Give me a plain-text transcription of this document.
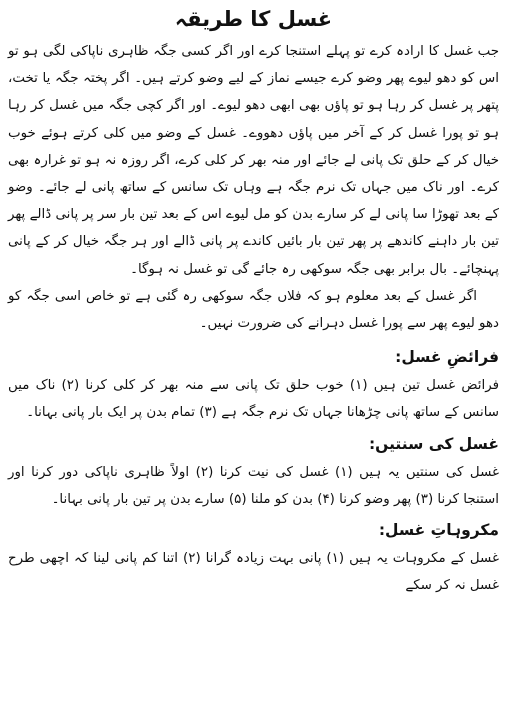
غسل کا طریقہ

جب غسل کا ارادہ کرے تو پہلے استنجا کرے اور اگر کسی جگہ ظاہری ناپاکی لگی ہو تو اس کو دھو لیوے پھر وضو کرے جیسے نماز کے لیے وضو کرتے ہیں۔ اگر پختہ جگہ یا تخت، پتھر پر غسل کر رہا ہو تو پاؤں بھی ابھی دھو لیوے۔ اور اگر کچی جگہ میں غسل کر رہا ہو تو پورا غسل کر کے آخر میں پاؤں دھووے۔ غسل کے وضو میں کلی کرتے ہوئے خوب خیال کر کے حلق تک پانی لے جائے اور منہ بھر کر کلی کرے، اگر روزہ نہ ہو تو غرارہ بھی کرے۔ اور ناک میں جہاں تک نرم جگہ ہے وہاں تک سانس کے ساتھ پانی لے جائے۔ وضو کے بعد تھوڑا سا پانی لے کر سارے بدن کو مل لیوے اس کے بعد تین بار سر پر پانی ڈالے پھر تین بار داہنے کاندھے پر پھر تین بار بائیں کاندے پر پانی ڈالے اور ہر جگہ خیال کر کے پانی پہنچائے۔ بال برابر بھی جگہ سوکھی رہ جائے گی تو غسل نہ ہوگا۔

اگر غسل کے بعد معلوم ہو کہ فلاں جگہ سوکھی رہ گئی ہے تو خاص اسی جگہ کو دھو لیوے پھر سے پورا غسل دہرانے کی ضرورت نہیں۔

فرائضِ غسل:

فرائض غسل تین ہیں (۱) خوب حلق تک پانی سے منہ بھر کر کلی کرنا (۲) ناک میں سانس کے ساتھ پانی چڑھانا جہاں تک نرم جگہ ہے (۳) تمام بدن پر ایک بار پانی بہانا۔

غسل کی سنتیں:

غسل کی سنتیں یہ ہیں (۱) غسل کی نیت کرنا (۲) اولاً ظاہری ناپاکی دور کرنا اور استنجا کرنا (۳) پھر وضو کرنا (۴) بدن کو ملنا (۵) سارے بدن پر تین بار پانی بہانا۔

مکروہاتِ غسل:

غسل کے مکروہات یہ ہیں (۱) پانی بہت زیادہ گرانا (۲) اتنا کم پانی لینا کہ اچھی طرح غسل نہ کر سکے
